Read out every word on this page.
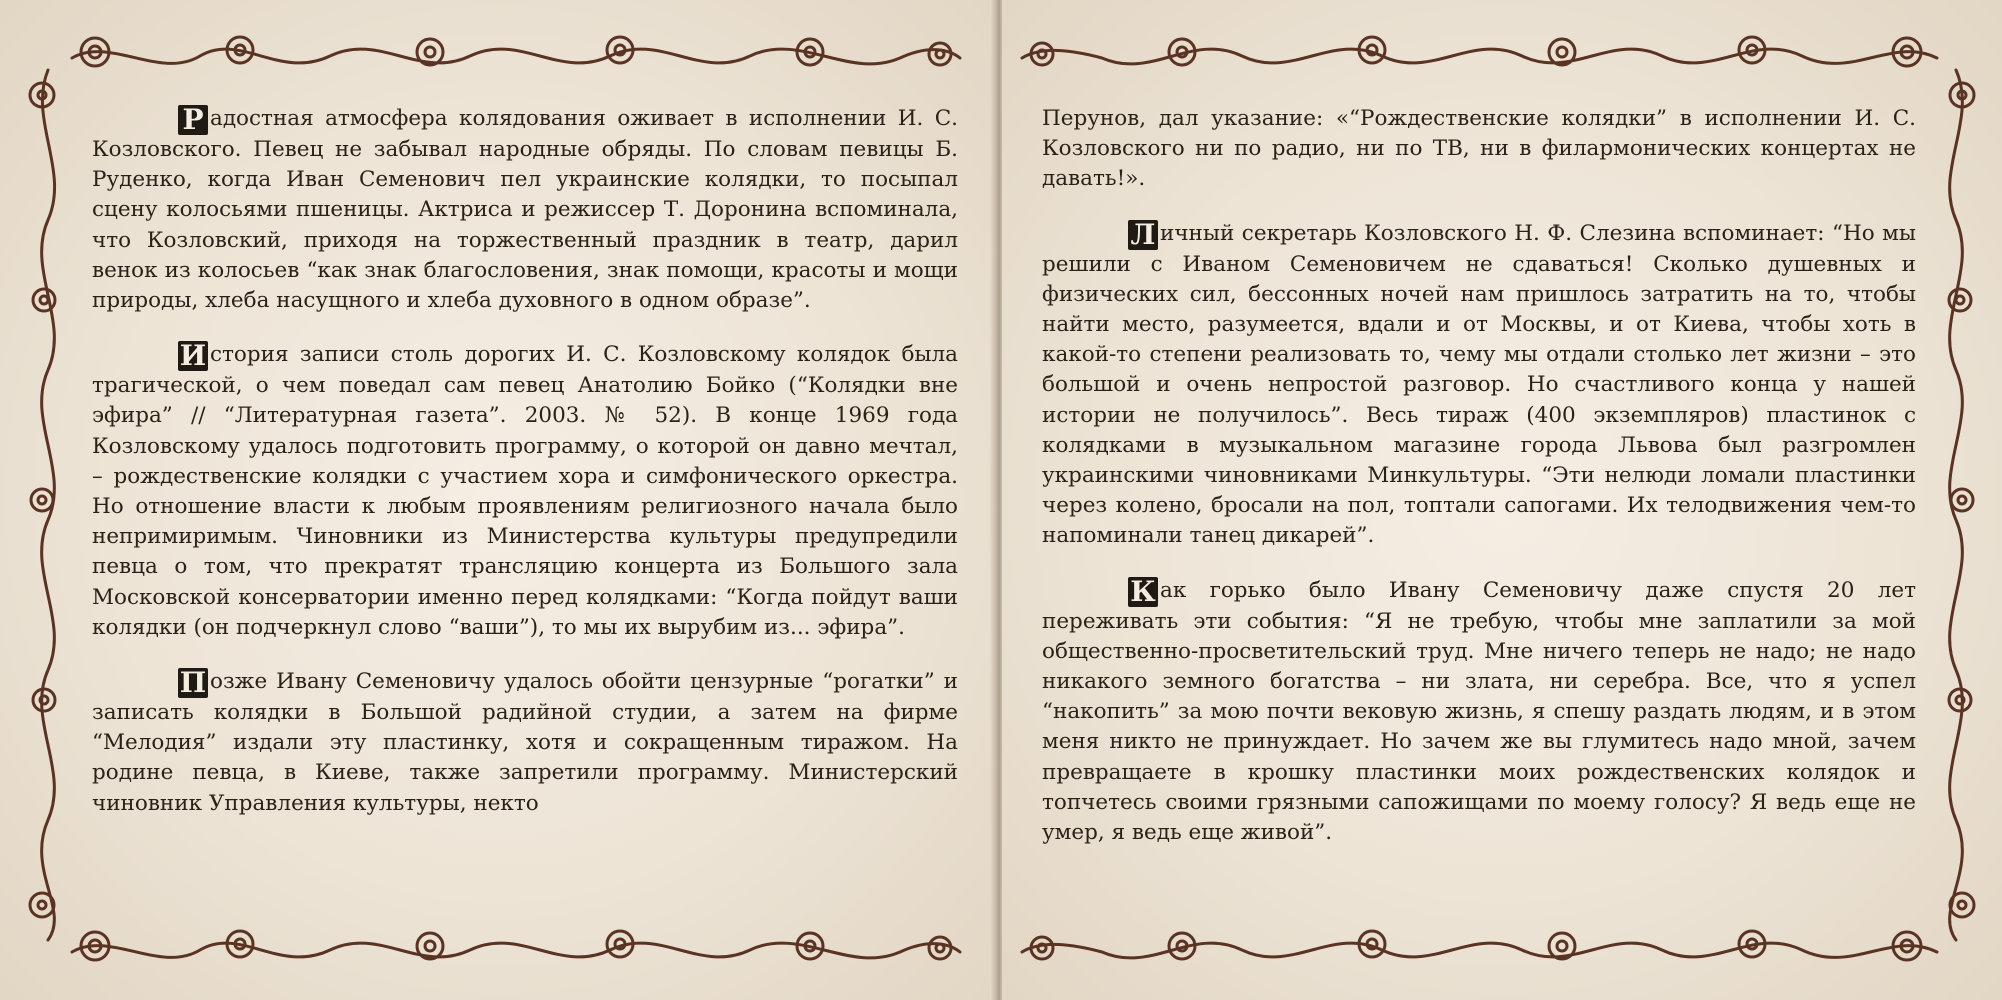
Р адостная атмосфера колядования оживает в исполнении И. С. Козловского. Певец не забывал народные обряды. По словам певицы Б. Руденко, когда Иван Семенович пел украинские колядки, то посыпал сцену колосьями пшеницы. Актриса и режиссер Т. Доронина вспоминала, что Козловский, приходя на торжественный праздник в театр, дарил венок из колосьев “как знак благословения, знак помощи, красоты и мощи природы, хлеба насущного и хлеба духовного в одном образе”.

И стория записи столь дорогих И. С. Козловскому колядок была трагической, о чем поведал сам певец Анатолию Бойко (“Колядки вне эфира” // “Литературная газета”. 2003. № 52). В конце 1969 года Козловскому удалось подготовить программу, о которой он давно мечтал, – рождественские колядки с участием хора и симфонического оркестра. Но отношение власти к любым проявлениям религиозного начала было непримиримым. Чиновники из Министерства культуры предупредили певца о том, что прекратят трансляцию концерта из Большого зала Московской консерватории именно перед колядками: “Когда пойдут ваши колядки (он подчеркнул слово “ваши”), то мы их вырубим из... эфира”.

П озже Ивану Семеновичу удалось обойти цензурные “рогатки” и записать колядки в Большой радийной студии, а затем на фирме “Мелодия” издали эту пластинку, хотя и сокращенным тиражом. На родине певца, в Киеве, также запретили программу. Министерский чиновник Управления культуры, некто

Перунов, дал указание: «“Рождественские колядки” в исполнении И. С. Козловского ни по радио, ни по ТВ, ни в филармонических концертах не давать!».

Л ичный секретарь Козловского Н. Ф. Слезина вспоминает: “Но мы решили с Иваном Семеновичем не сдаваться! Сколько душевных и физических сил, бессонных ночей нам пришлось затратить на то, чтобы найти место, разумеется, вдали и от Москвы, и от Киева, чтобы хоть в какой-то степени реализовать то, чему мы отдали столько лет жизни – это большой и очень непростой разговор. Но счастливого конца у нашей истории не получилось”. Весь тираж (400 экземпляров) пластинок с колядками в музыкальном магазине города Львова был разгромлен украинскими чиновниками Минкультуры. “Эти нелюди ломали пластинки через колено, бросали на пол, топтали сапогами. Их телодвижения чем-то напоминали танец дикарей”.

К ак горько было Ивану Семеновичу даже спустя 20 лет переживать эти события: “Я не требую, чтобы мне заплатили за мой общественно-просветительский труд. Мне ничего теперь не надо; не надо никакого земного богатства – ни злата, ни серебра. Все, что я успел “накопить” за мою почти вековую жизнь, я спешу раздать людям, и в этом меня никто не принуждает. Но зачем же вы глумитесь надо мной, зачем превращаете в крошку пластинки моих рождественских колядок и топчетесь своими грязными сапожищами по моему голосу? Я ведь еще не умер, я ведь еще живой”.
